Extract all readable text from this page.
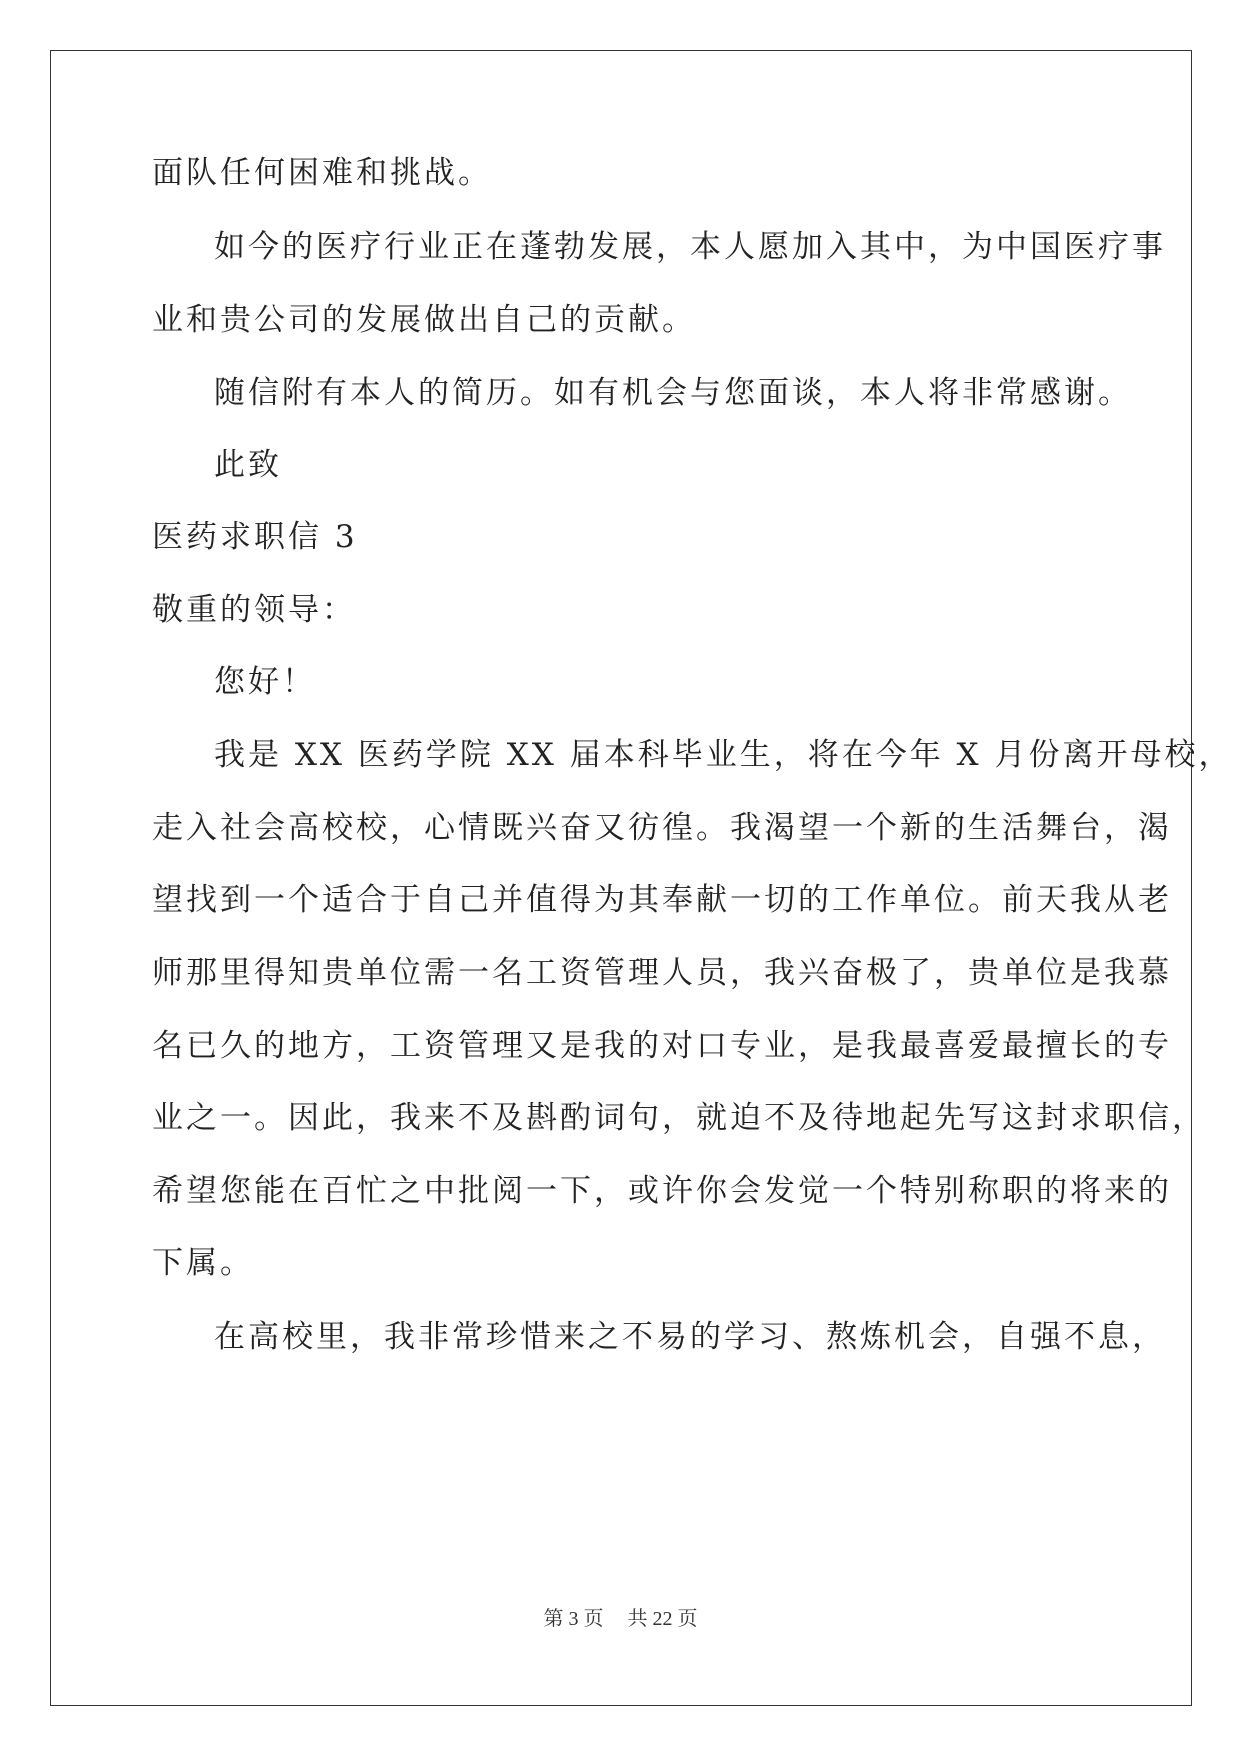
面队任何困难和挑战。
如今的医疗行业正在蓬勃发展，本人愿加入其中，为中国医疗事
业和贵公司的发展做出自己的贡献。
随信附有本人的简历。如有机会与您面谈，本人将非常感谢。
此致
医药求职信 3
敬重的领导：
您好！
我是 XX 医药学院 XX 届本科毕业生，将在今年 X 月份离开母校，
走入社会高校校，心情既兴奋又彷徨。我渴望一个新的生活舞台，渴
望找到一个适合于自己并值得为其奉献一切的工作单位。前天我从老
师那里得知贵单位需一名工资管理人员，我兴奋极了，贵单位是我慕
名已久的地方，工资管理又是我的对口专业，是我最喜爱最擅长的专
业之一。因此，我来不及斟酌词句，就迫不及待地起先写这封求职信，
希望您能在百忙之中批阅一下，或许你会发觉一个特别称职的将来的
下属。
在高校里，我非常珍惜来之不易的学习、熬炼机会，自强不息，
第 3 页 共 22 页
